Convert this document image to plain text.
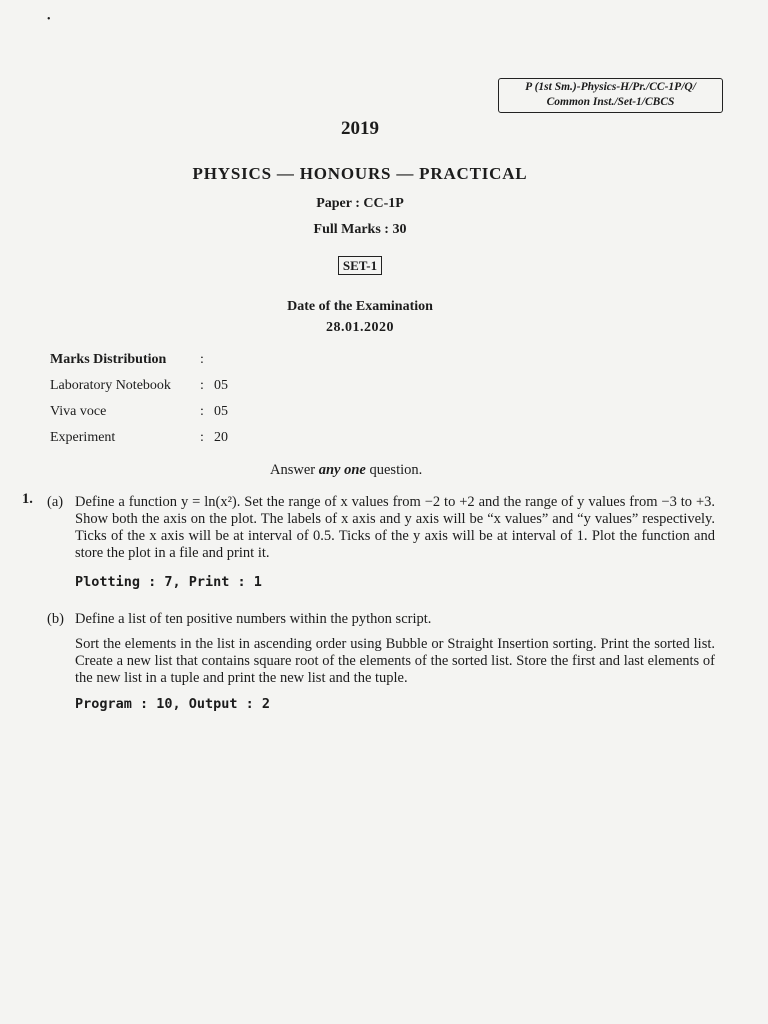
•
P (1st Sm.)-Physics-H/Pr./CC-1P/Q/
Common Inst./Set-1/CBCS
2019
PHYSICS — HONOURS — PRACTICAL
Paper : CC-1P
Full Marks : 30
SET-1
Date of the Examination
28.01.2020
Marks Distribution	:
Laboratory Notebook	: 05
Viva voce	: 05
Experiment	: 20
Answer any one question.
1. (a) Define a function y = ln(x²). Set the range of x values from −2 to +2 and the range of y values from −3 to +3. Show both the axis on the plot. The labels of x axis and y axis will be “x values” and “y values” respectively. Ticks of the x axis will be at interval of 0.5. Ticks of the y axis will be at interval of 1. Plot the function and store the plot in a file and print it.
Plotting : 7, Print : 1
(b) Define a list of ten positive numbers within the python script.
Sort the elements in the list in ascending order using Bubble or Straight Insertion sorting. Print the sorted list. Create a new list that contains square root of the elements of the sorted list. Store the first and last elements of the new list in a tuple and print the new list and the tuple.
Program : 10, Output : 2
